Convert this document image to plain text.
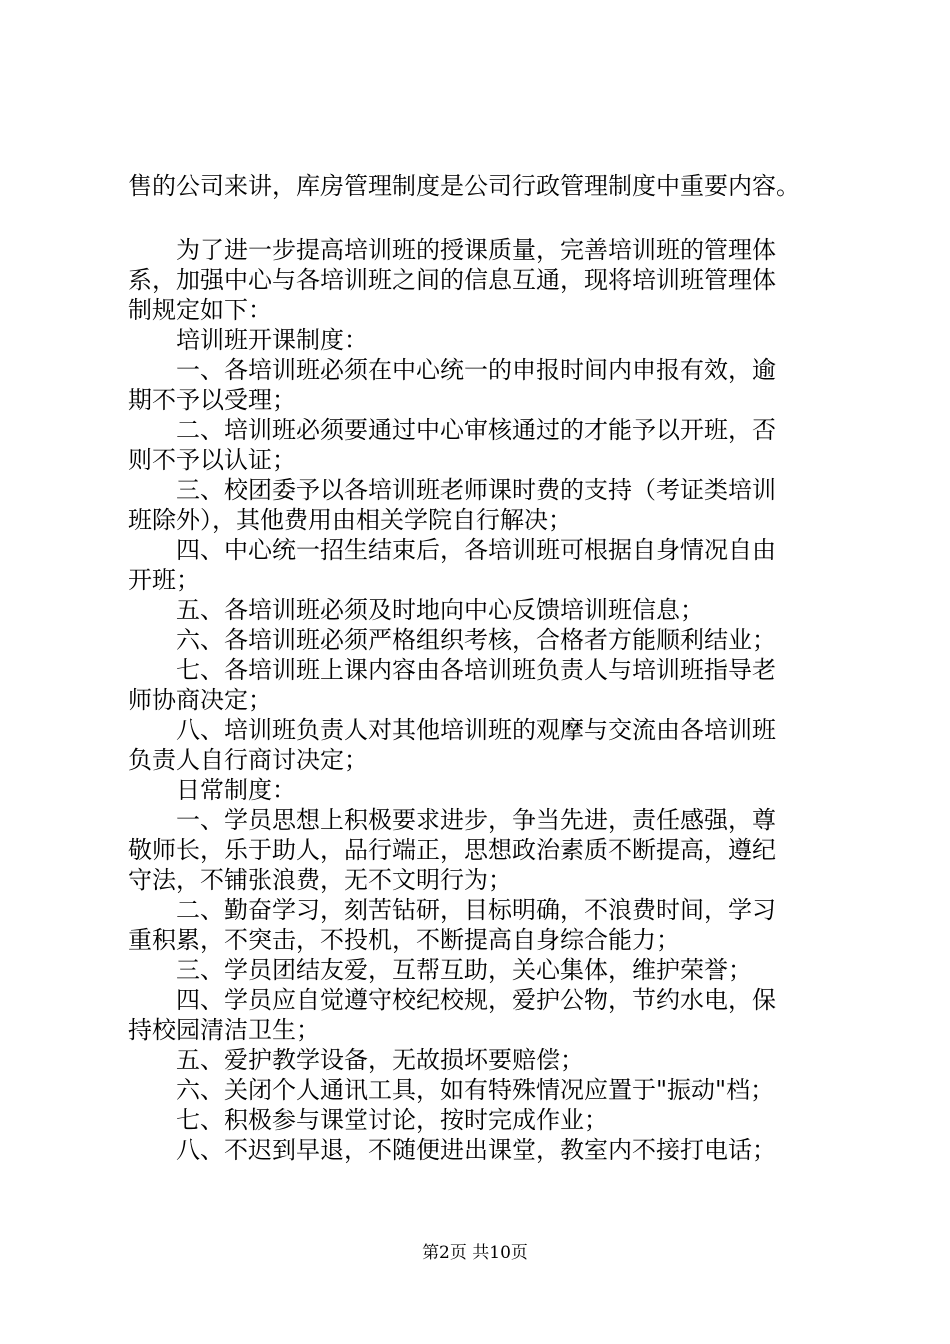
售的公司来讲，库房管理制度是公司行政管理制度中重要内容。

　　为了进一步提高培训班的授课质量，完善培训班的管理体

系，加强中心与各培训班之间的信息互通，现将培训班管理体

制规定如下：

　　培训班开课制度：

　　一、各培训班必须在中心统一的申报时间内申报有效，逾

期不予以受理；

　　二、培训班必须要通过中心审核通过的才能予以开班，否

则不予以认证；

　　三、校团委予以各培训班老师课时费的支持（考证类培训

班除外），其他费用由相关学院自行解决；

　　四、中心统一招生结束后，各培训班可根据自身情况自由

开班；

　　五、各培训班必须及时地向中心反馈培训班信息；

　　六、各培训班必须严格组织考核，合格者方能顺利结业；

　　七、各培训班上课内容由各培训班负责人与培训班指导老

师协商决定；

　　八、培训班负责人对其他培训班的观摩与交流由各培训班

负责人自行商讨决定；

　　日常制度：

　　一、学员思想上积极要求进步，争当先进，责任感强，尊

敬师长，乐于助人，品行端正，思想政治素质不断提高，遵纪

守法，不铺张浪费，无不文明行为；

　　二、勤奋学习，刻苦钻研，目标明确，不浪费时间，学习

重积累，不突击，不投机，不断提高自身综合能力；

　　三、学员团结友爱，互帮互助，关心集体，维护荣誉；

　　四、学员应自觉遵守校纪校规，爱护公物，节约水电，保

持校园清洁卫生；

　　五、爱护教学设备，无故损坏要赔偿；

　　六、关闭个人通讯工具，如有特殊情况应置于"振动"档；

　　七、积极参与课堂讨论，按时完成作业；

　　八、不迟到早退，不随便进出课堂，教室内不接打电话；

第2页 共10页
